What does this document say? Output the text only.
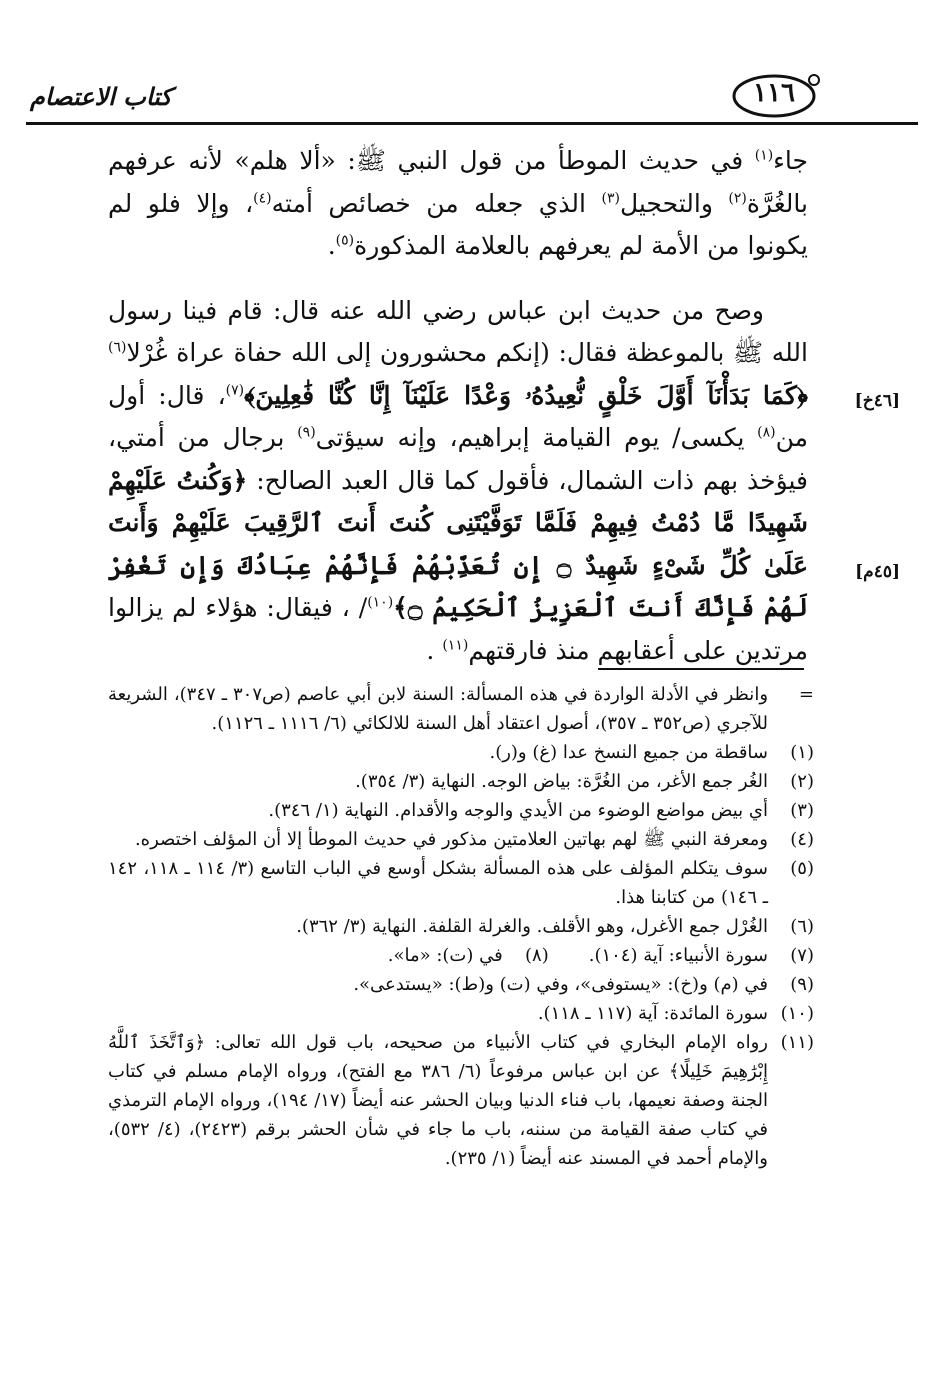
كتاب الاعتصام	١١٦
[٤٦خ]
[٤٥م]

جاء$^{(١)}$ في حديث الموطأ من قول النبي ﷺ: «ألا هلم» لأنه عرفهم بالغُرَّة$^{(٢)}$ والتحجيل$^{(٣)}$ الذي جعله من خصائص أمته$^{(٤)}$، وإلا فلو لم يكونوا من الأمة لم يعرفهم بالعلامة المذكورة$^{(٥)}$.

وصح من حديث ابن عباس رضي الله عنه قال: قام فينا رسول الله ﷺ بالموعظة فقال: (إنكم محشورون إلى الله حفاة عراة غُرْلا$^{(٦)}$ ﴿كَمَا بَدَأْنَآ أَوَّلَ خَلْقٍ نُّعِيدُهُۥ وَعْدًا عَلَيْنَآ إِنَّا كُنَّا فَٰعِلِينَ﴾$^{(٧)}$، قال: أول من$^{(٨)}$ يكسى/ يوم القيامة إبراهيم، وإنه سيؤتى$^{(٩)}$ برجال من أمتي، فيؤخذ بهم ذات الشمال، فأقول كما قال العبد الصالح: ﴿وَكُنتُ عَلَيْهِمْ شَهِيدًا مَّا دُمْتُ فِيهِمْ فَلَمَّا تَوَفَّيْتَنِى كُنتَ أَنتَ ٱلرَّقِيبَ عَلَيْهِمْ وَأَنتَ عَلَىٰ كُلِّ شَىْءٍ شَهِيدٌ ۝ إِن تُعَذِّبْهُمْ فَإِنَّهُمْ عِبَادُكَ وَإِن تَغْفِرْ لَهُمْ فَإِنَّكَ أَنتَ ٱلْعَزِيزُ ٱلْحَكِيمُ ۝﴾$^{(١٠)}$/ ، فيقال: هؤلاء لم يزالوا مرتدين على أعقابهم منذ فارقتهم$^{(١١)}$ .

=
وانظر في الأدلة الواردة في هذه المسألة: السنة لابن أبي عاصم (ص٣٠٧ ـ ٣٤٧)، الشريعة للآجري (ص٣٥٢ ـ ٣٥٧)، أصول اعتقاد أهل السنة للالكائي (٦/ ١١١٦ ـ ١١٢٦).

(١)
ساقطة من جميع النسخ عدا (غ) و(ر).

(٢)
الغُر جمع الأغر، من الغُرَّة: بياض الوجه. النهاية (٣/ ٣٥٤).

(٣)
أي بيض مواضع الوضوء من الأيدي والوجه والأقدام. النهاية (١/ ٣٤٦).

(٤)
ومعرفة النبي ﷺ لهم بهاتين العلامتين مذكور في حديث الموطأ إلا أن المؤلف اختصره.

(٥)
سوف يتكلم المؤلف على هذه المسألة بشكل أوسع في الباب التاسع (٣/ ١١٤ ـ ١١٨، ١٤٢ ـ ١٤٦) من كتابنا هذا.

(٦)
الغُرْل جمع الأغرل، وهو الأقلف. والغرلة القلفة. النهاية (٣/ ٣٦٢).

(٧)
سورة الأنبياء: آية (١٠٤).
(٨)
في (ت): «ما».

(٩)
في (م) و(خ): «يستوفى»، وفي (ت) و(ط): «يستدعى».

(١٠)
سورة المائدة: آية (١١٧ ـ ١١٨).

(١١)
رواه الإمام البخاري في كتاب الأنبياء من صحيحه، باب قول الله تعالى: ﴿وَٱتَّخَذَ ٱللَّهُ إِبْرَٰهِيمَ خَلِيلًا﴾ عن ابن عباس مرفوعاً (٦/ ٣٨٦ مع الفتح)، ورواه الإمام مسلم في كتاب الجنة وصفة نعيمها، باب فناء الدنيا وبيان الحشر عنه أيضاً (١٧/ ١٩٤)، ورواه الإمام الترمذي في كتاب صفة القيامة من سننه، باب ما جاء في شأن الحشر برقم (٢٤٢٣)، (٤/ ٥٣٢)، والإمام أحمد في المسند عنه أيضاً (١/ ٢٣٥).
